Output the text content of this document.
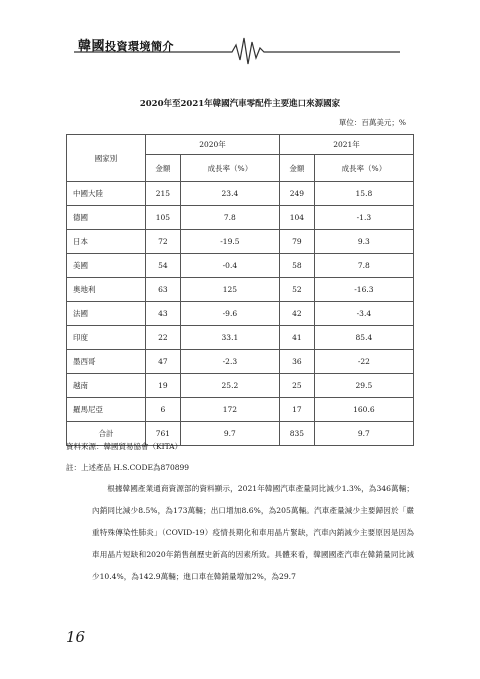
韓國投資環境簡介
2020年至2021年韓國汽車零配件主要進口來源國家
單位：百萬美元；%
國家別	2020年		2021年	
	金額	成長率（%）	金額	成長率（%）
中國大陸	215	23.4	249	15.8
德國	105	7.8	104	-1.3
日本	72	-19.5	79	9.3
美國	54	-0.4	58	7.8
奧地利	63	125	52	-16.3
法國	43	-9.6	42	-3.4
印度	22	33.1	41	85.4
墨西哥	47	-2.3	36	-22
越南	19	25.2	25	29.5
羅馬尼亞	6	172	17	160.6
合計	761	9.7	835	9.7
資料來源：韓國貿易協會（KITA）
註：上述產品 H.S.CODE為870899

根據韓國產業通商資源部的資料顯示，2021年韓國汽車產量同比減少1.3%，為346萬輛；內銷同比減少8.5%，為173萬輛；出口增加8.6%，為205萬輛。汽車產量減少主要歸因於「嚴重特殊傳染性肺炎」（COVID-19）疫情長期化和車用晶片緊缺，汽車內銷減少主要原因是因為車用晶片短缺和2020年銷售創歷史新高的因素所致。具體來看，韓國國產汽車在韓銷量同比減少10.4%，為142.9萬輛；進口車在韓銷量增加2%，為29.7

16
